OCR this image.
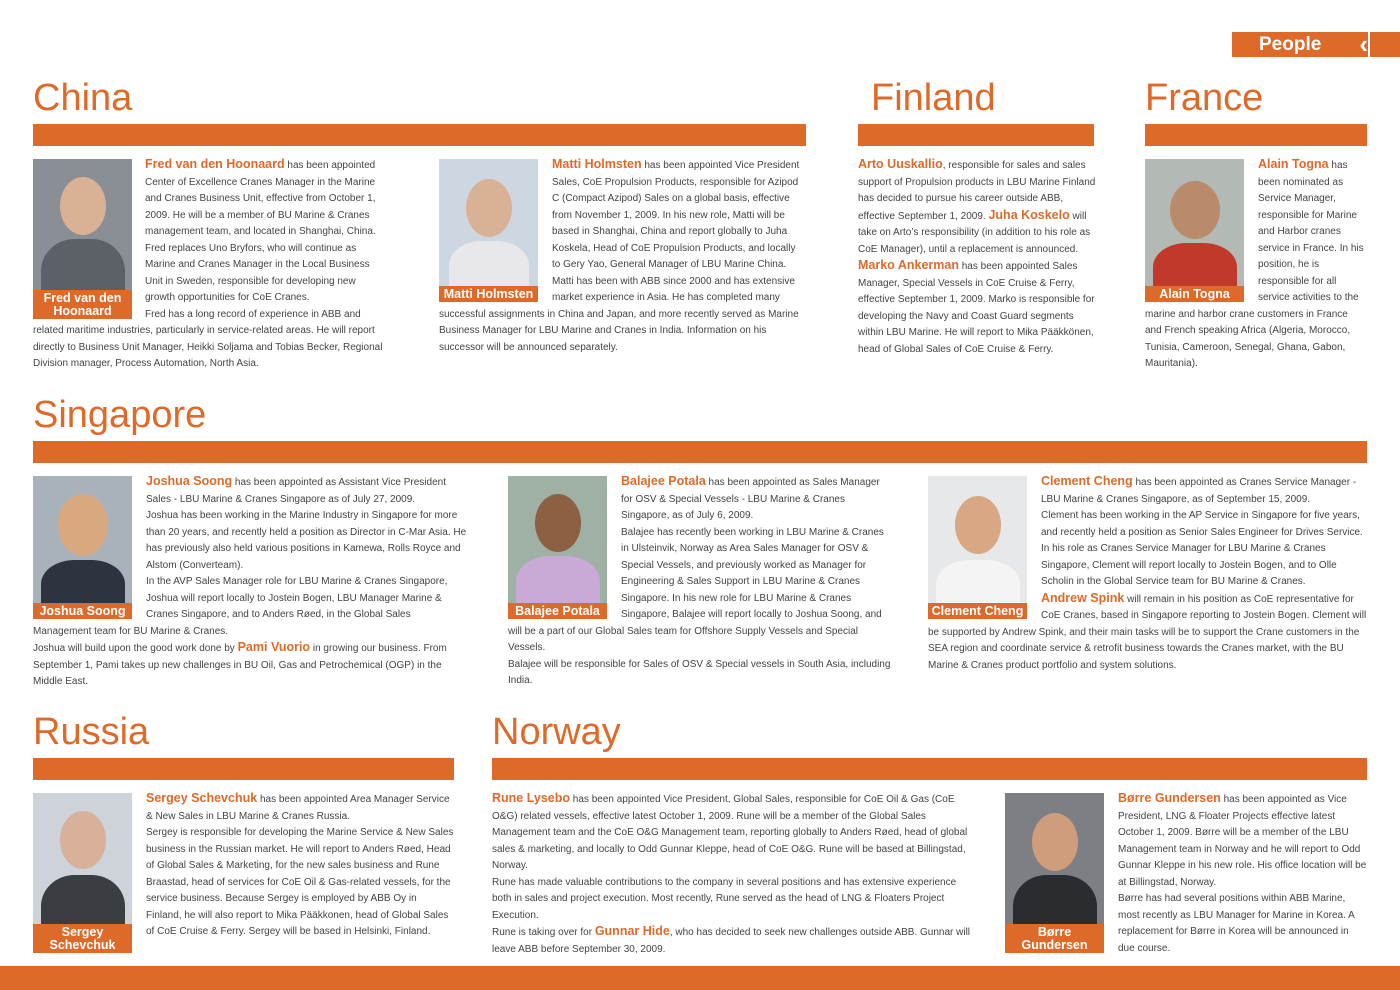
People ‹
China	Finland	France
Singapore
Russia	Norway
Fred van den Hoonaard
Fred van den Hoonaard has been appointed Center of Excellence Cranes Manager in the Marine and Cranes Business Unit, effective from October 1, 2009. He will be a member of BU Marine & Cranes management team, and located in Shanghai, China. Fred replaces Uno Bryfors, who will continue as Marine and Cranes Manager in the Local Business Unit in Sweden, responsible for developing new growth opportunities for CoE Cranes.
Fred has a long record of experience in ABB and related maritime industries, particularly in service-related areas. He will report directly to Business Unit Manager, Heikki Soljama and Tobias Becker, Regional Division manager, Process Automation, North Asia.
Matti Holmsten
Matti Holmsten has been appointed Vice President Sales, CoE Propulsion Products, responsible for Azipod C (Compact Azipod) Sales on a global basis, effective from November 1, 2009. In his new role, Matti will be based in Shanghai, China and report globally to Juha Koskela, Head of CoE Propulsion Products, and locally to Gery Yao, General Manager of LBU Marine China.
Matti has been with ABB since 2000 and has extensive market experience in Asia. He has completed many successful assignments in China and Japan, and more recently served as Marine Business Manager for LBU Marine and Cranes in India. Information on his successor will be announced separately.
Arto Uuskallio, responsible for sales and sales support of Propulsion products in LBU Marine Finland has decided to pursue his career outside ABB, effective September 1, 2009. Juha Koskelo will take on Arto’s responsibility (in addition to his role as CoE Manager), until a replacement is announced.
Marko Ankerman has been appointed Sales Manager, Special Vessels in CoE Cruise & Ferry, effective September 1, 2009. Marko is responsible for developing the Navy and Coast Guard segments within LBU Marine. He will report to Mika Pääkkönen, head of Global Sales of CoE Cruise & Ferry.
Alain Togna
Alain Togna has been nominated as Service Manager, responsible for Marine and Harbor cranes service in France. In his position, he is responsible for all service activities to the marine and harbor crane customers in France and French speaking Africa (Algeria, Morocco, Tunisia, Cameroon, Senegal, Ghana, Gabon, Mauritania).
Joshua Soong
Joshua Soong has been appointed as Assistant Vice President Sales - LBU Marine & Cranes Singapore as of July 27, 2009.
Joshua has been working in the Marine Industry in Singapore for more than 20 years, and recently held a position as Director in C-Mar Asia. He has previously also held various positions in Kamewa, Rolls Royce and Alstom (Converteam).
In the AVP Sales Manager role for LBU Marine & Cranes Singapore, Joshua will report locally to Jostein Bogen, LBU Manager Marine & Cranes Singapore, and to Anders Røed, in the Global Sales Management team for BU Marine & Cranes.
Joshua will build upon the good work done by Pami Vuorio in growing our business. From September 1, Pami takes up new challenges in BU Oil, Gas and Petrochemical (OGP) in the Middle East.
Balajee Potala
Balajee Potala has been appointed as Sales Manager for OSV & Special Vessels - LBU Marine & Cranes Singapore, as of July 6, 2009.
Balajee has recently been working in LBU Marine & Cranes in Ulsteinvik, Norway as Area Sales Manager for OSV & Special Vessels, and previously worked as Manager for Engineering & Sales Support in LBU Marine & Cranes Singapore. In his new role for LBU Marine & Cranes Singapore, Balajee will report locally to Joshua Soong, and will be a part of our Global Sales team for Offshore Supply Vessels and Special Vessels.
Balajee will be responsible for Sales of OSV & Special vessels in South Asia, including India.
Clement Cheng
Clement Cheng has been appointed as Cranes Service Manager - LBU Marine & Cranes Singapore, as of September 15, 2009.
Clement has been working in the AP Service in Singapore for five years, and recently held a position as Senior Sales Engineer for Drives Service.
In his role as Cranes Service Manager for LBU Marine & Cranes Singapore, Clement will report locally to Jostein Bogen, and to Olle Scholin in the Global Service team for BU Marine & Cranes.
Andrew Spink will remain in his position as CoE representative for CoE Cranes, based in Singapore reporting to Jostein Bogen. Clement will be supported by Andrew Spink, and their main tasks will be to support the Crane customers in the SEA region and coordinate service & retrofit business towards the Cranes market, with the BU Marine & Cranes product portfolio and system solutions.
Sergey Schevchuk
Sergey Schevchuk has been appointed Area Manager Service & New Sales in LBU Marine & Cranes Russia.
Sergey is responsible for developing the Marine Service & New Sales business in the Russian market. He will report to Anders Røed, Head of Global Sales & Marketing, for the new sales business and Rune Braastad, head of services for CoE Oil & Gas-related vessels, for the service business. Because Sergey is employed by ABB Oy in Finland, he will also report to Mika Pääkkonen, head of Global Sales of CoE Cruise & Ferry. Sergey will be based in Helsinki, Finland.
Rune Lysebo has been appointed Vice President, Global Sales, responsible for CoE Oil & Gas (CoE O&G) related vessels, effective latest October 1, 2009. Rune will be a member of the Global Sales Management team and the CoE O&G Management team, reporting globally to Anders Røed, head of global sales & marketing, and locally to Odd Gunnar Kleppe, head of CoE O&G. Rune will be based at Billingstad, Norway.
Rune has made valuable contributions to the company in several positions and has extensive experience both in sales and project execution. Most recently, Rune served as the head of LNG & Floaters Project Execution.
Rune is taking over for Gunnar Hide, who has decided to seek new challenges outside ABB. Gunnar will leave ABB before September 30, 2009.
Børre Gundersen
Børre Gundersen has been appointed as Vice President, LNG & Floater Projects effective latest October 1, 2009. Børre will be a member of the LBU Management team in Norway and he will report to Odd Gunnar Kleppe in his new role. His office location will be at Billingstad, Norway.
Børre has had several positions within ABB Marine, most recently as LBU Manager for Marine in Korea. A replacement for Børre in Korea will be announced in due course.
